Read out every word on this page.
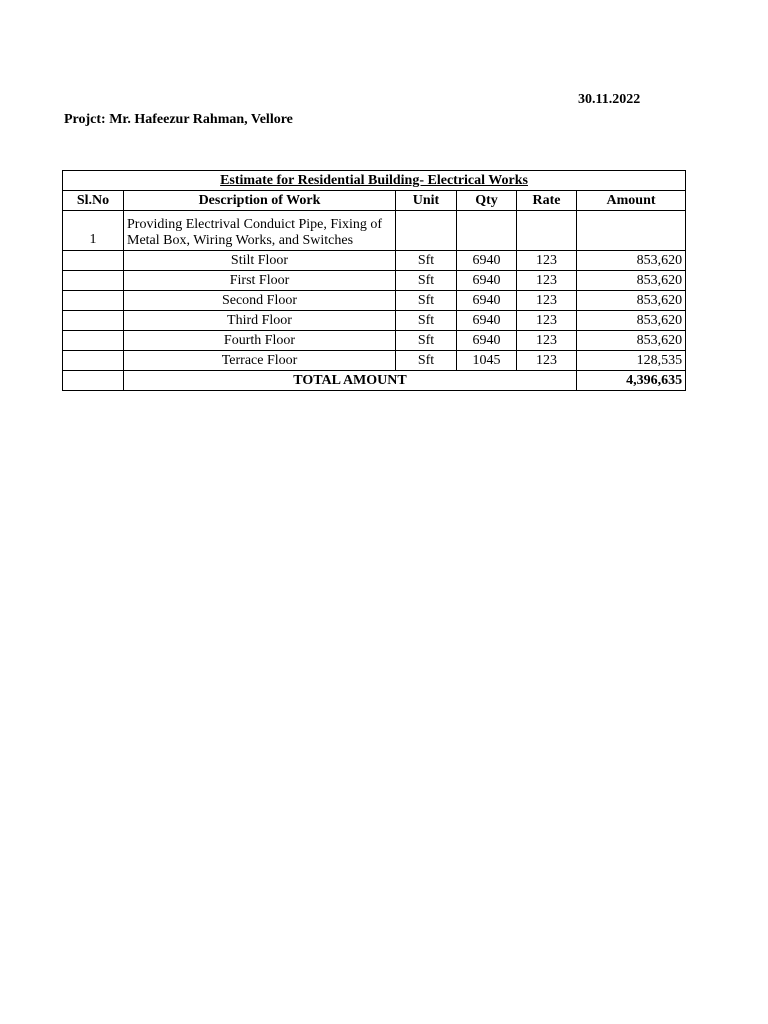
30.11.2022
Projct: Mr. Hafeezur Rahman, Vellore
Estimate for Residential Building- Electrical Works					
Sl.No	Description of Work	Unit	Qty	Rate	Amount
1	Providing Electrival Conduict Pipe, Fixing of Metal Box, Wiring Works, and Switches				
	Stilt Floor	Sft	6940	123	853,620
	First Floor	Sft	6940	123	853,620
	Second Floor	Sft	6940	123	853,620
	Third Floor	Sft	6940	123	853,620
	Fourth Floor	Sft	6940	123	853,620
	Terrace Floor	Sft	1045	123	128,535
	TOTAL AMOUNT				4,396,635
